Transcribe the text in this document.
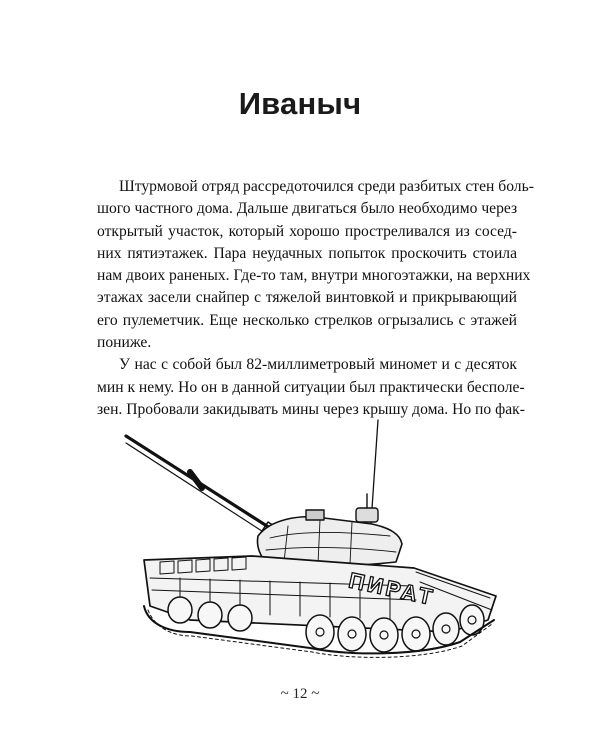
Иваныч
Штурмовой отряд рассредоточился среди разбитых стен боль-
шого частного дома. Дальше двигаться было необходимо через
открытый участок, который хорошо простреливался из сосед-
них пятиэтажек. Пара неудачных попыток проскочить стоила
нам двоих раненых. Где-то там, внутри многоэтажки, на верхних
этажах засели снайпер с тяжелой винтовкой и прикрывающий
его пулеметчик. Еще несколько стрелков огрызались с этажей
пониже.
У нас с собой был 82-миллиметровый миномет и с десяток
мин к нему. Но он в данной ситуации был практически бесполе-
зен. Пробовали закидывать мины через крышу дома. Но по фак-
ПИРАТ
~ 12 ~
